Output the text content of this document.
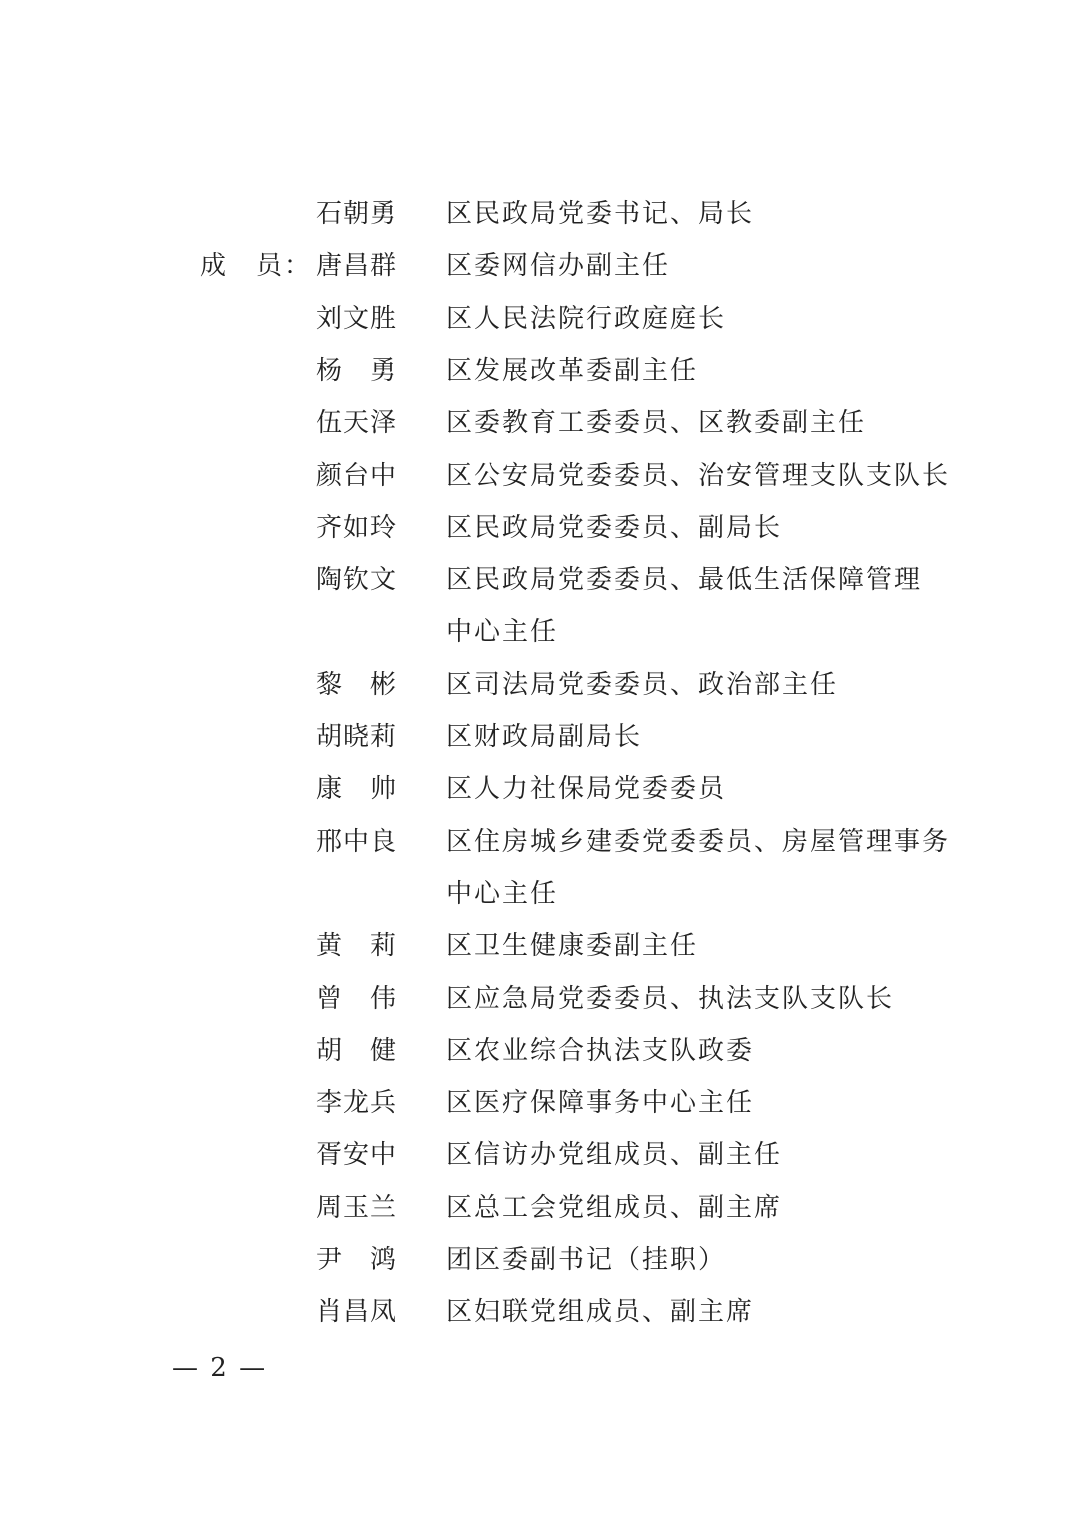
石朝勇	区民政局党委书记、局长
成　员： 唐昌群	区委网信办副主任
刘文胜	区人民法院行政庭庭长
杨　勇	区发展改革委副主任
伍天泽	区委教育工委委员、区教委副主任
颜台中	区公安局党委委员、治安管理支队支队长
齐如玲	区民政局党委委员、副局长
陶钦文	区民政局党委委员、最低生活保障管理
中心主任
黎　彬	区司法局党委委员、政治部主任
胡晓莉	区财政局副局长
康　帅	区人力社保局党委委员
邢中良	区住房城乡建委党委委员、房屋管理事务
中心主任
黄　莉	区卫生健康委副主任
曾　伟	区应急局党委委员、执法支队支队长
胡　健	区农业综合执法支队政委
李龙兵	区医疗保障事务中心主任
胥安中	区信访办党组成员、副主任
周玉兰	区总工会党组成员、副主席
尹　鸿	团区委副书记（挂职）
肖昌凤	区妇联党组成员、副主席
— 2 —
